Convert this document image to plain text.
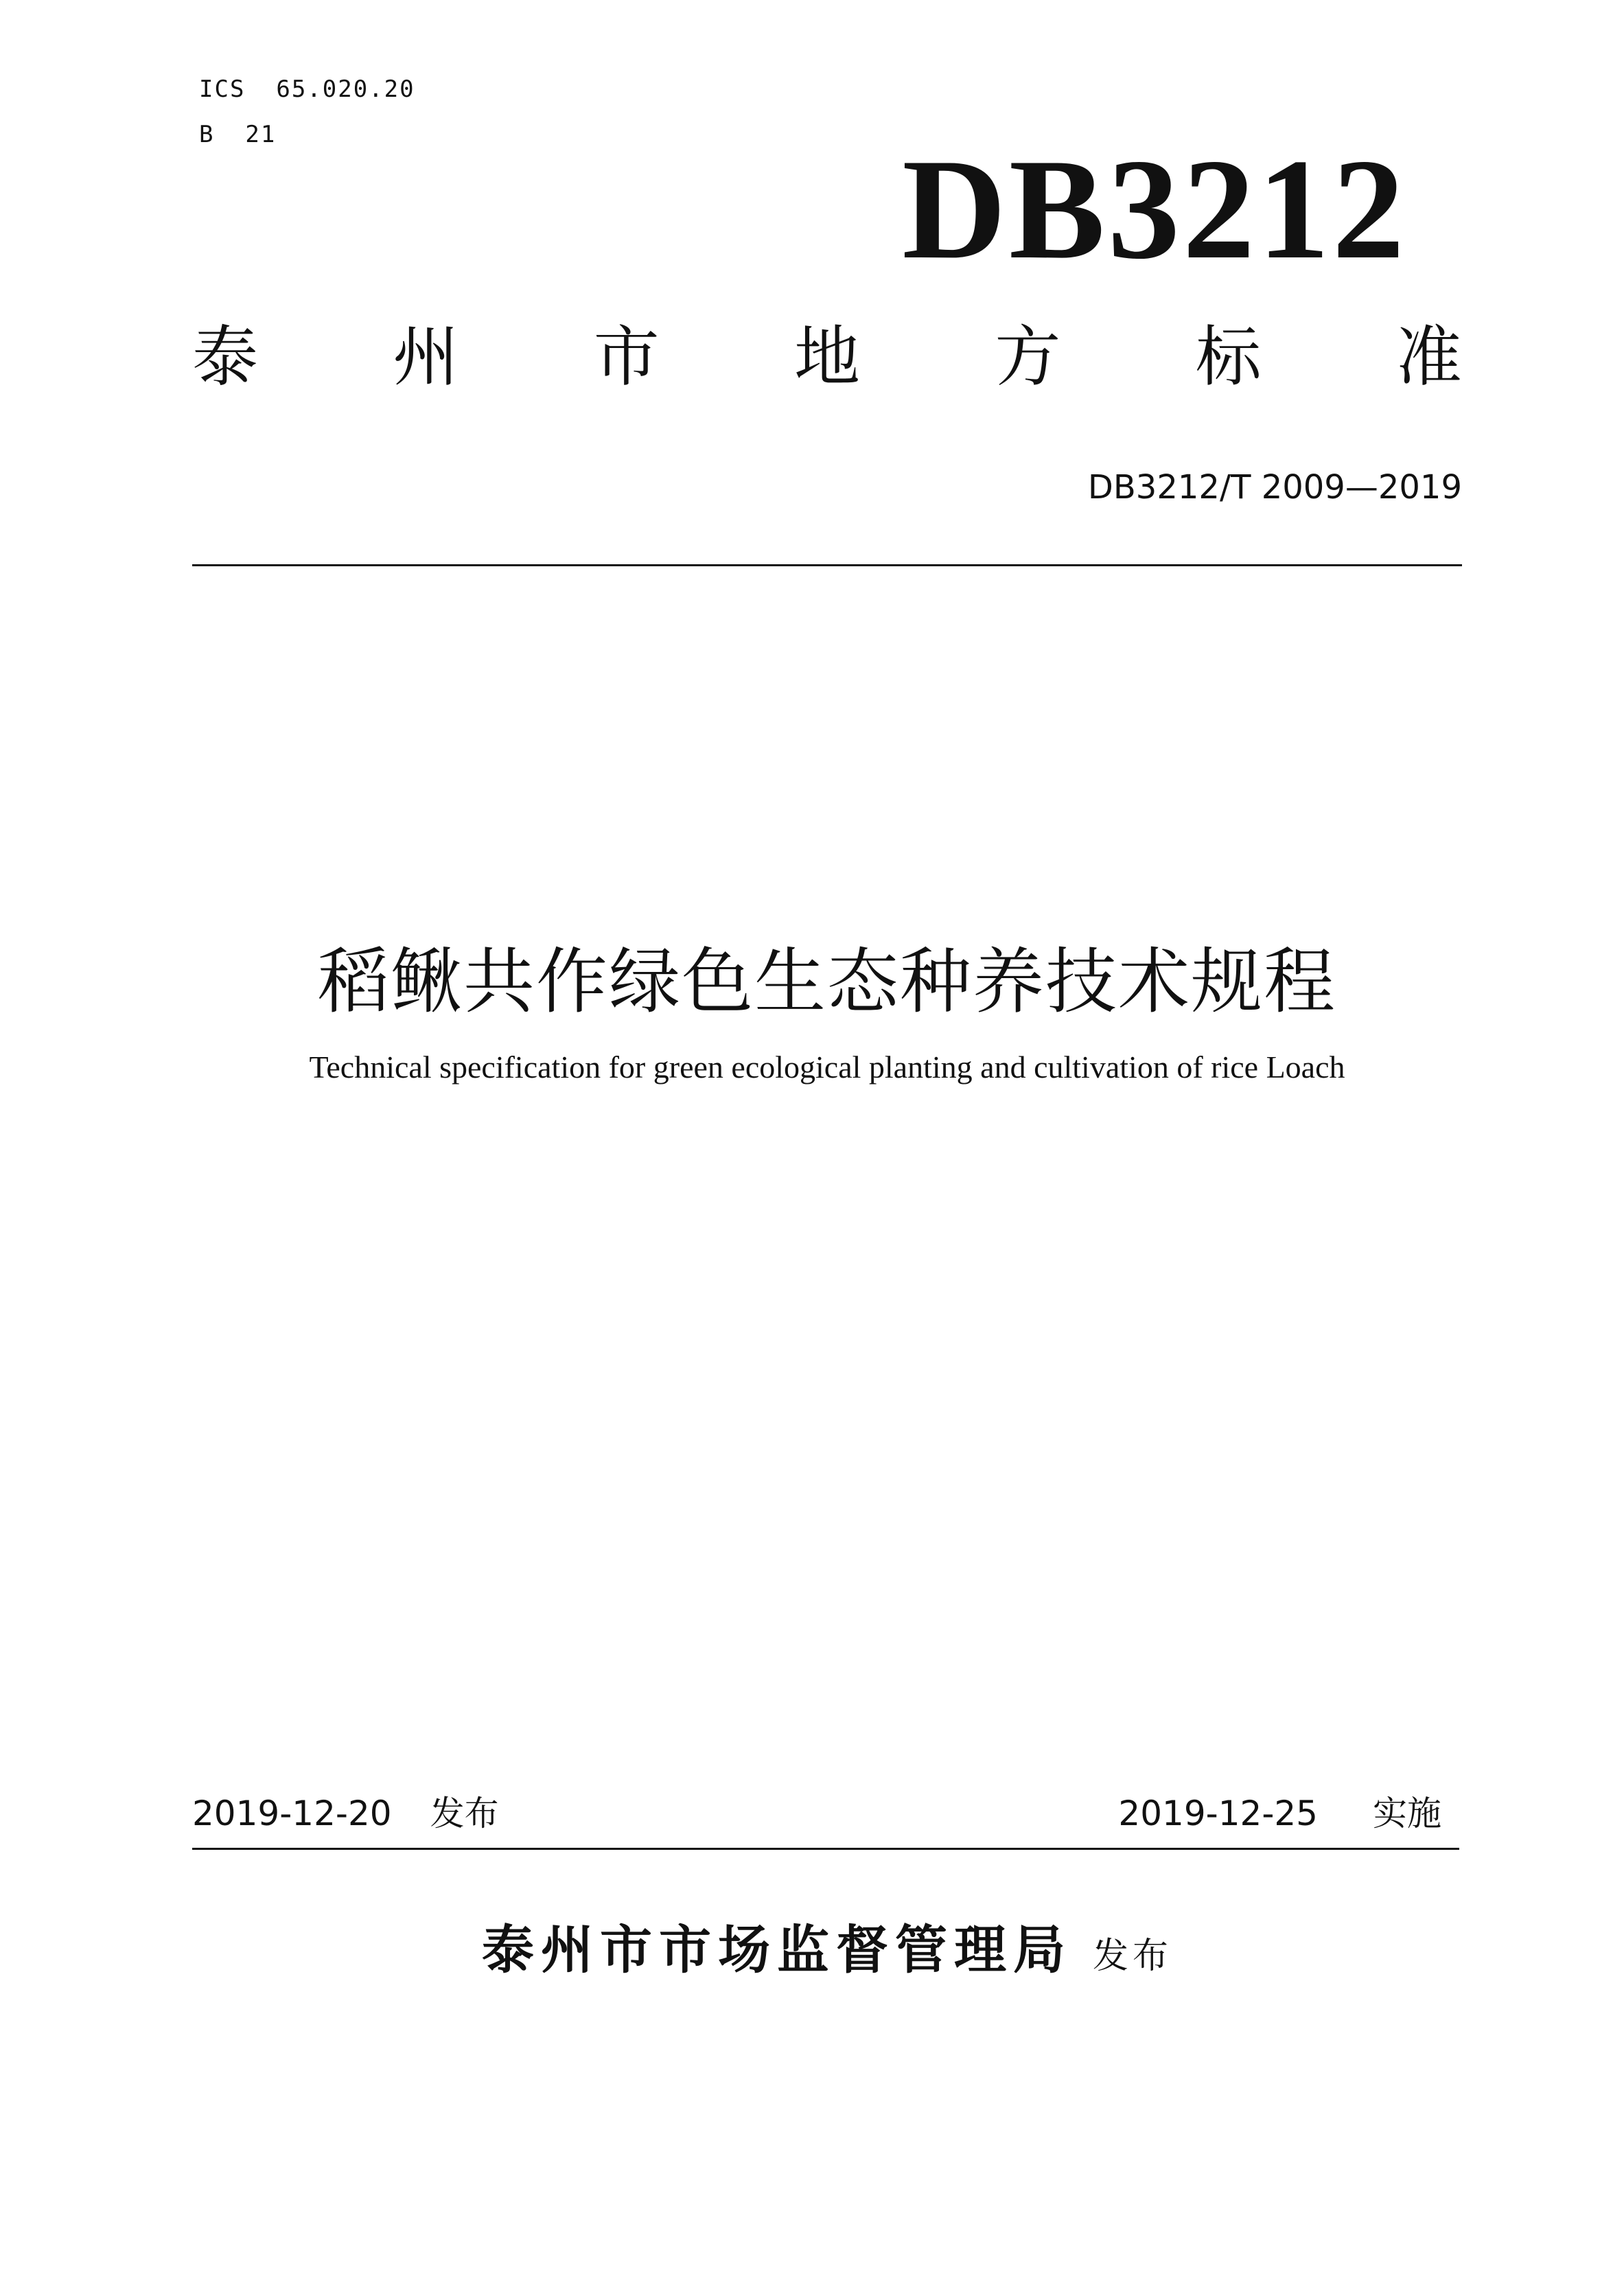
ICS  65.020.20
B  21	DB3212
泰 州 市 地 方 标 准
DB3212/T 2009—2019
稻鳅共作绿色生态种养技术规程
Technical specification for green ecological planting and cultivation of rice Loach
2019-12-20 发布	2019-12-25 实施
泰州市市场监督管理局 发布
